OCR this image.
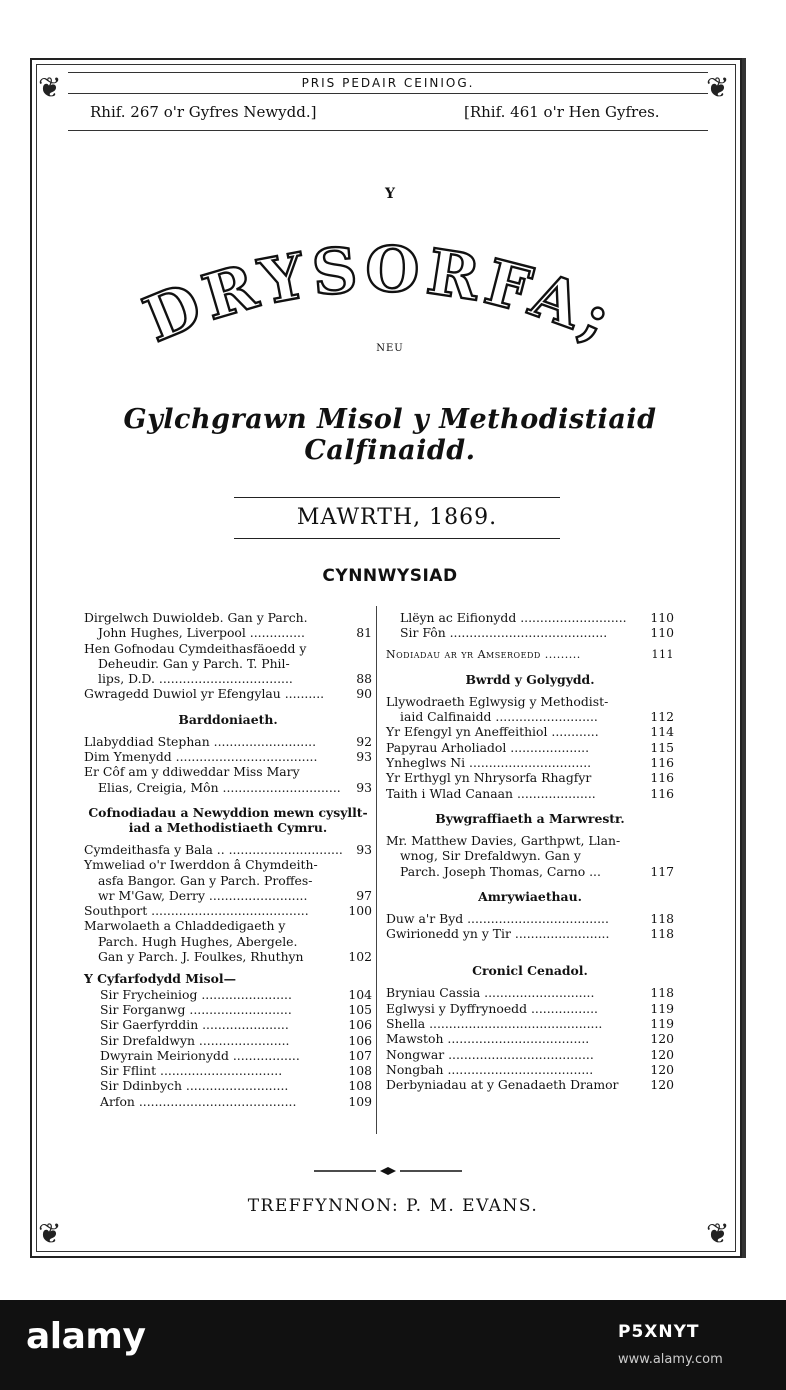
❦	❦
❦	❦
PRIS PEDAIR CEINIOG.
Rhif. 267 o'r Gyfres Newydd.]	[Rhif. 461 o'r Hen Gyfres.
Y
DRYSORFA;
NEU
Gylchgrawn Misol y Methodistiaid Calfinaidd.
MAWRTH, 1869.
CYNNWYSIAD
Dirgelwch Duwioldeb. Gan y Parch.
John Hughes, Liverpool ..............	81
Hen Gofnodau Cymdeithasfäoedd y
Deheudir. Gan y Parch. T. Phil-
lips, D.D. ..................................	88
Gwragedd Duwiol yr Efengylau ..........	90
Barddoniaeth.
Llabyddiad Stephan ..........................	92
Dim Ymenydd ....................................	93
Er Côf am y ddiweddar Miss Mary
Elias, Creigia, Môn ..............................	93
Cofnodiadau a Newyddion mewn cysyllt-
iad a Methodistiaeth Cymru.
Cymdeithasfa y Bala .. .............................	93
Ymweliad o'r Iwerddon â Chymdeith-
asfa Bangor. Gan y Parch. Proffes-
wr M'Gaw, Derry .........................	97
Southport ........................................	100
Marwolaeth a Chladdedigaeth y
Parch. Hugh Hughes, Abergele.
Gan y Parch. J. Foulkes, Rhuthyn	102
Y Cyfarfodydd Misol—
Sir Frycheiniog .......................	104
Sir Forganwg ..........................	105
Sir Gaerfyrddin ......................	106
Sir Drefaldwyn .......................	106
Dwyrain Meirionydd .................	107
Sir Fflint ...............................	108
Sir Ddinbych ..........................	108
Arfon ........................................	109
Llëyn ac Eifionydd ...........................	110
Sir Fôn ........................................	110
Nodiadau ar yr Amseroedd .........	111
Bwrdd y Golygydd.
Llywodraeth Eglwysig y Methodist-
iaid Calfinaidd ..........................	112
Yr Efengyl yn Aneffeithiol ............	114
Papyrau Arholiadol ....................	115
Ynheglws Ni ...............................	116
Yr Erthygl yn Nhrysorfa Rhagfyr	116
Taith i Wlad Canaan ....................	116
Bywgraffiaeth a Marwrestr.
Mr. Matthew Davies, Garthpwt, Llan-
wnog, Sir Drefaldwyn. Gan y
Parch. Joseph Thomas, Carno ...	117
Amrywiaethau.
Duw a'r Byd ....................................	118
Gwirionedd yn y Tir ........................	118
Cronicl Cenadol.
Bryniau Cassia ............................	118
Eglwysi y Dyffrynoedd .................	119
Shella ............................................	119
Mawstoh ....................................	120
Nongwar .....................................	120
Nongbah .....................................	120
Derbyniadau at y Genadaeth Dramor	120
TREFFYNNON: P. M. EVANS.
alamy	P5XNYT
www.alamy.com
